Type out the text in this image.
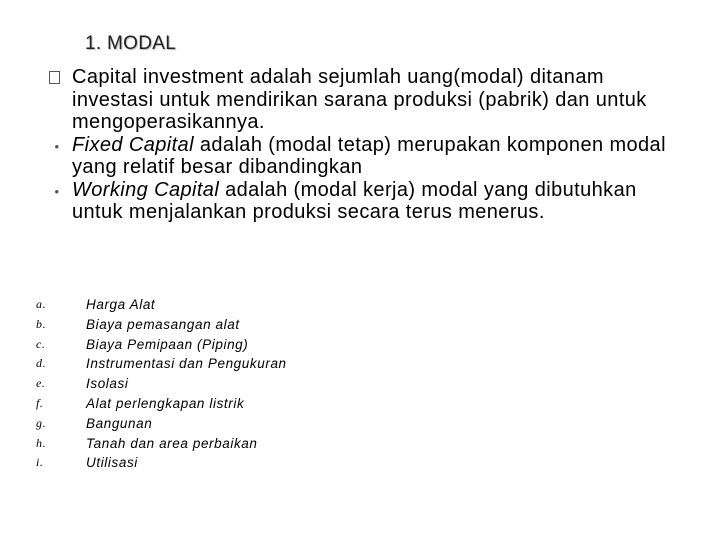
1. MODAL
Capital investment adalah sejumlah uang(modal) ditanam investasi untuk mendirikan sarana produksi (pabrik) dan untuk mengoperasikannya.
• Fixed Capital adalah (modal tetap) merupakan komponen modal yang relatif besar dibandingkan
• Working Capital adalah (modal kerja) modal yang dibutuhkan untuk menjalankan produksi secara terus menerus.
a.	Harga Alat
b.	Biaya pemasangan alat
c.	Biaya Pemipaan (Piping)
d.	Instrumentasi dan Pengukuran
e.	Isolasi
f.	Alat perlengkapan listrik
g.	Bangunan
h.	Tanah dan area perbaikan
i.	Utilisasi
